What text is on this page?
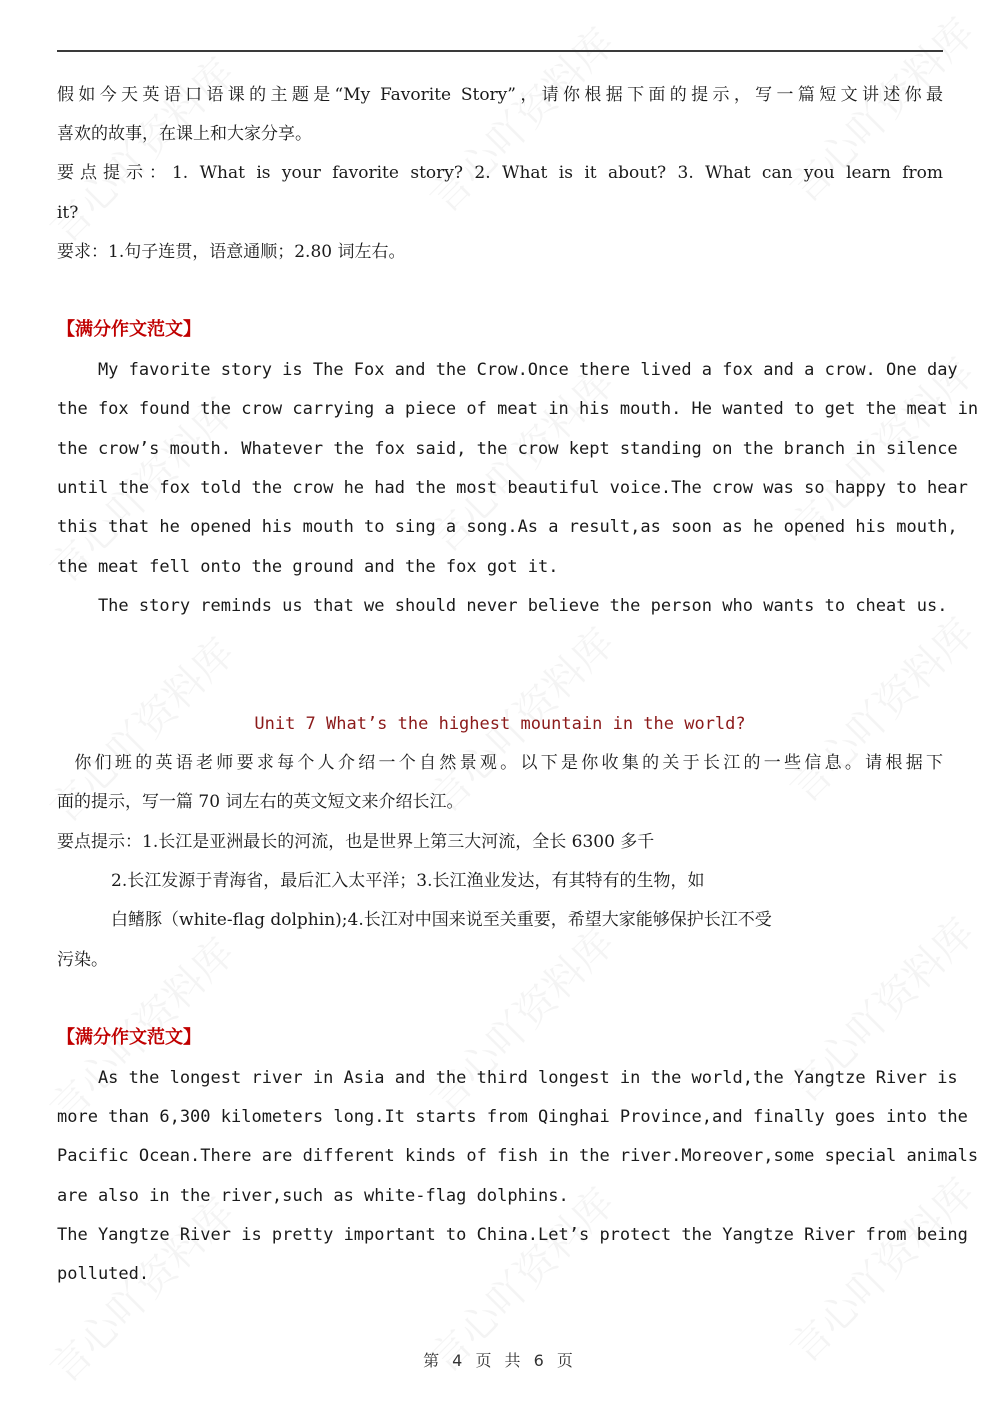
假如今天英语口语课的主题是“My Favorite Story”，请你根据下面的提示，写一篇短文讲述你最
喜欢的故事，在课上和大家分享。
要点提示：1. What is your favorite story? 2. What is it about? 3. What can you learn from
it?
要求：1.句子连贯，语意通顺；2.80 词左右。
【满分作文范文】
My favorite story is The Fox and the Crow.Once there lived a fox and a crow. One day
the fox found the crow carrying a piece of meat in his mouth. He wanted to get the meat in
the crow’s mouth. Whatever the fox said, the crow kept standing on the branch in silence
until the fox told the crow he had the most beautiful voice.The crow was so happy to hear
this that he opened his mouth to sing a song.As a result,as soon as he opened his mouth,
the meat fell onto the ground and the fox got it.
The story reminds us that we should never believe the person who wants to cheat us.
Unit 7 What’s the highest mountain in the world?
你们班的英语老师要求每个人介绍一个自然景观。以下是你收集的关于长江的一些信息。请根据下
面的提示，写一篇 70 词左右的英文短文来介绍长江。
要点提示：1.长江是亚洲最长的河流，也是世界上第三大河流，全长 6300 多千
2.长江发源于青海省，最后汇入太平洋；3.长江渔业发达，有其特有的生物，如
白鳍豚（white-flag dolphin);4.长江对中国来说至关重要，希望大家能够保护长江不受
污染。
【满分作文范文】
As the longest river in Asia and the third longest in the world,the Yangtze River is
more than 6,300 kilometers long.It starts from Qinghai Province,and finally goes into the
Pacific Ocean.There are different kinds of fish in the river.Moreover,some special animals
are also in the river,such as white-flag dolphins.
The Yangtze River is pretty important to China.Let’s protect the Yangtze River from being
polluted.
第 4 页 共 6 页
